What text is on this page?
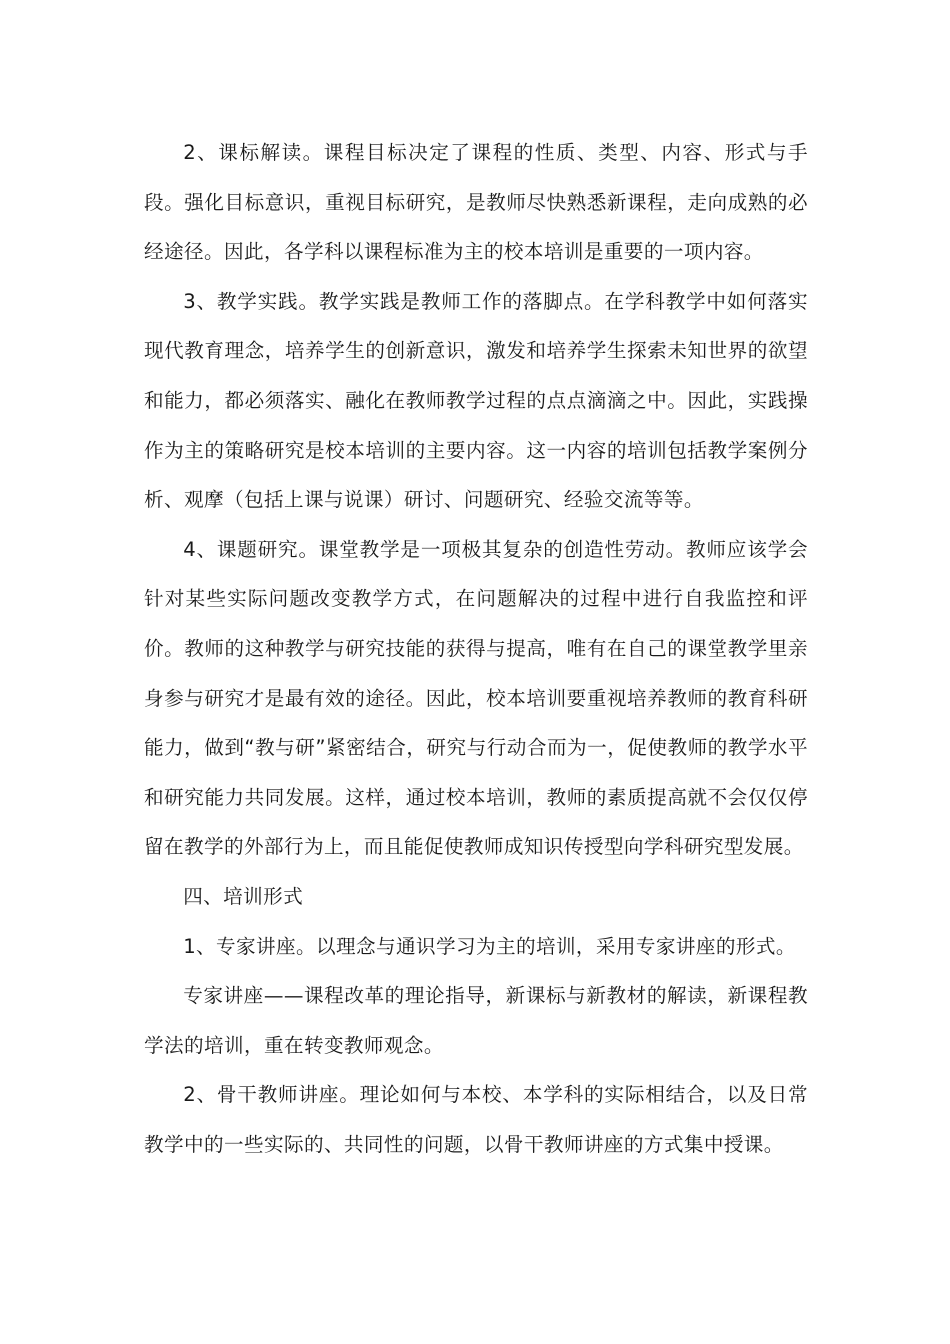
2、课标解读。课程目标决定了课程的性质、类型、内容、形式与手段。强化目标意识，重视目标研究，是教师尽快熟悉新课程，走向成熟的必经途径。因此，各学科以课程标准为主的校本培训是重要的一项内容。

3、教学实践。教学实践是教师工作的落脚点。在学科教学中如何落实现代教育理念，培养学生的创新意识，激发和培养学生探索未知世界的欲望和能力，都必须落实、融化在教师教学过程的点点滴滴之中。因此，实践操作为主的策略研究是校本培训的主要内容。这一内容的培训包括教学案例分析、观摩（包括上课与说课）研讨、问题研究、经验交流等等。

4、课题研究。课堂教学是一项极其复杂的创造性劳动。教师应该学会针对某些实际问题改变教学方式，在问题解决的过程中进行自我监控和评价。教师的这种教学与研究技能的获得与提高，唯有在自己的课堂教学里亲身参与研究才是最有效的途径。因此，校本培训要重视培养教师的教育科研能力，做到“教与研”紧密结合，研究与行动合而为一，促使教师的教学水平和研究能力共同发展。这样，通过校本培训，教师的素质提高就不会仅仅停留在教学的外部行为上，而且能促使教师成知识传授型向学科研究型发展。

四、培训形式

1、专家讲座。以理念与通识学习为主的培训，采用专家讲座的形式。

专家讲座——课程改革的理论指导，新课标与新教材的解读，新课程教学法的培训，重在转变教师观念。

2、骨干教师讲座。理论如何与本校、本学科的实际相结合，以及日常教学中的一些实际的、共同性的问题，以骨干教师讲座的方式集中授课。
